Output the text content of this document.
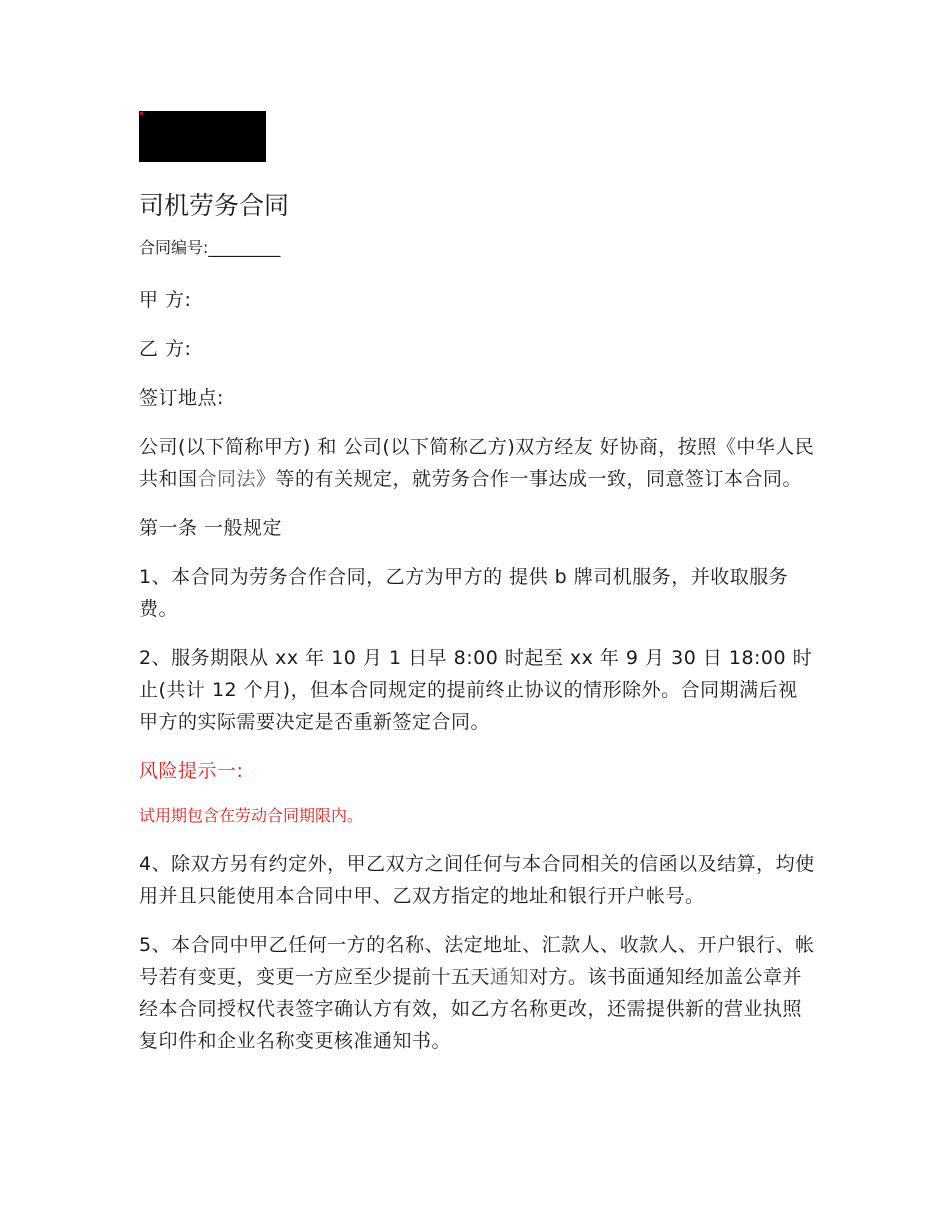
司机劳务合同

合同编号:_________

甲 方:

乙 方:

签订地点:

公司(以下简称甲方) 和 公司(以下简称乙方)双方经友 好协商，按照《中华人民共和国合同法》等的有关规定，就劳务合作一事达成一致，同意签订本合同。

第一条 一般规定

1、本合同为劳务合作合同，乙方为甲方的 提供 b 牌司机服务，并收取服务费。

2、服务期限从 xx 年 10 月 1 日早 8:00 时起至 xx 年 9 月 30 日 18:00 时止(共计 12 个月)，但本合同规定的提前终止协议的情形除外。合同期满后视甲方的实际需要决定是否重新签定合同。

风险提示一:

试用期包含在劳动合同期限内。

4、除双方另有约定外，甲乙双方之间任何与本合同相关的信函以及结算，均使用并且只能使用本合同中甲、乙双方指定的地址和银行开户帐号。

5、本合同中甲乙任何一方的名称、法定地址、汇款人、收款人、开户银行、帐号若有变更，变更一方应至少提前十五天通知对方。该书面通知经加盖公章并经本合同授权代表签字确认方有效，如乙方名称更改，还需提供新的营业执照复印件和企业名称变更核准通知书。
